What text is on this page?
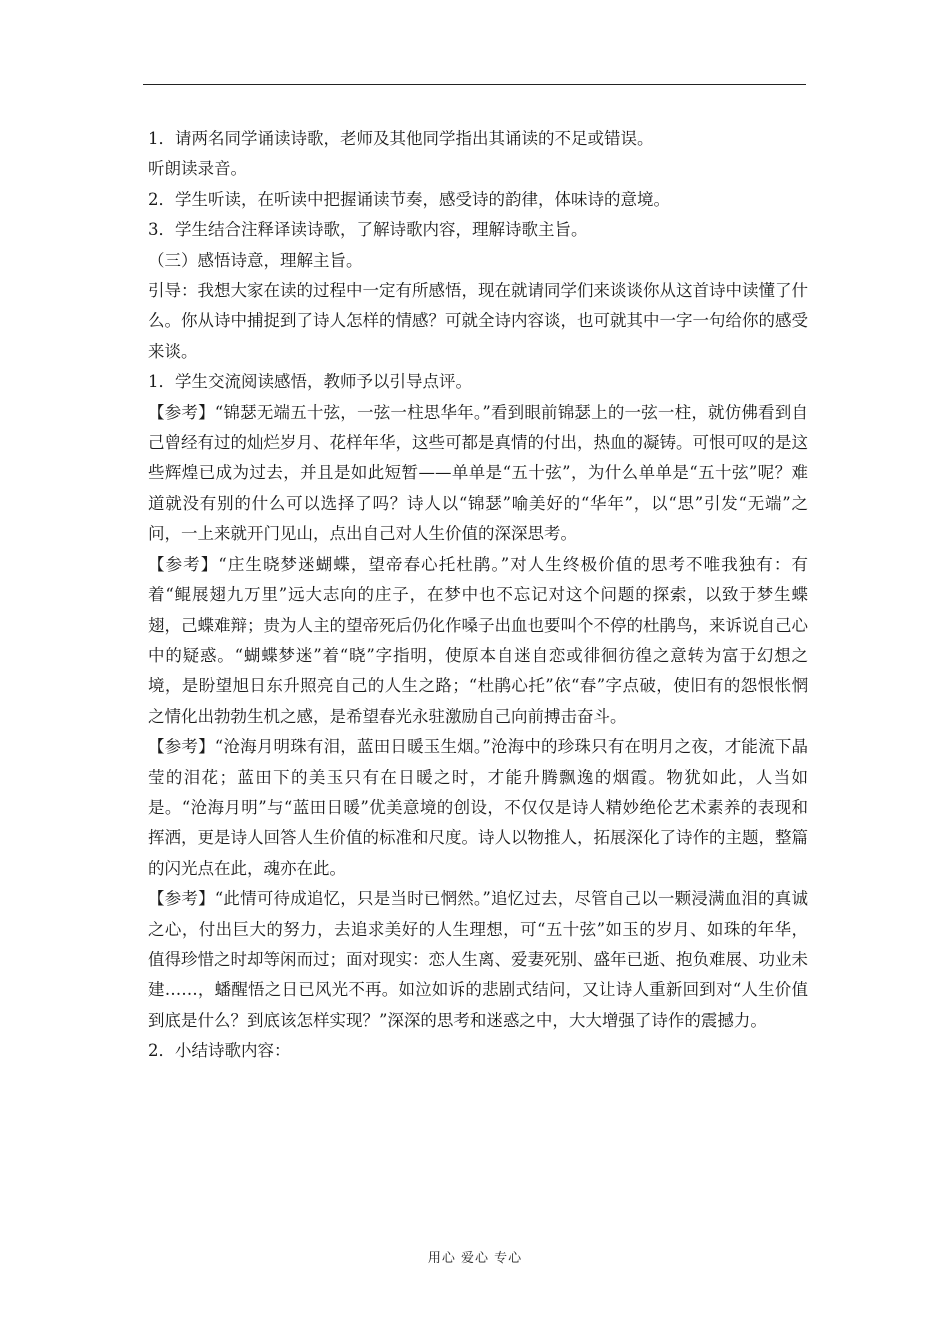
1．请两名同学诵读诗歌，老师及其他同学指出其诵读的不足或错误。

听朗读录音。

2．学生听读，在听读中把握诵读节奏，感受诗的韵律，体味诗的意境。

3．学生结合注释译读诗歌，了解诗歌内容，理解诗歌主旨。

（三）感悟诗意，理解主旨。

引导：我想大家在读的过程中一定有所感悟，现在就请同学们来谈谈你从这首诗中读懂了什么。你从诗中捕捉到了诗人怎样的情感？可就全诗内容谈，也可就其中一字一句给你的感受来谈。

1．学生交流阅读感悟，教师予以引导点评。

【参考】“锦瑟无端五十弦，一弦一柱思华年。”看到眼前锦瑟上的一弦一柱，就仿佛看到自己曾经有过的灿烂岁月、花样年华，这些可都是真情的付出，热血的凝铸。可恨可叹的是这些辉煌已成为过去，并且是如此短暂——单单是“五十弦”，为什么单单是“五十弦”呢？难道就没有别的什么可以选择了吗？诗人以“锦瑟”喻美好的“华年”，以“思”引发“无端”之问，一上来就开门见山，点出自己对人生价值的深深思考。

【参考】“庄生晓梦迷蝴蝶，望帝春心托杜鹃。”对人生终极价值的思考不唯我独有：有着“鲲展翅九万里”远大志向的庄子，在梦中也不忘记对这个问题的探索，以致于梦生蝶翅，己蝶难辩；贵为人主的望帝死后仍化作嗓子出血也要叫个不停的杜鹃鸟，来诉说自己心中的疑惑。“蝴蝶梦迷”着“晓”字指明，使原本自迷自恋或徘徊彷徨之意转为富于幻想之境，是盼望旭日东升照亮自己的人生之路；“杜鹃心托”依“春”字点破，使旧有的怨恨怅惘之情化出勃勃生机之感，是希望春光永驻激励自己向前搏击奋斗。

【参考】“沧海月明珠有泪，蓝田日暖玉生烟。”沧海中的珍珠只有在明月之夜，才能流下晶莹的泪花；蓝田下的美玉只有在日暖之时，才能升腾飘逸的烟霞。物犹如此，人当如是。“沧海月明”与“蓝田日暖”优美意境的创设，不仅仅是诗人精妙绝伦艺术素养的表现和挥洒，更是诗人回答人生价值的标准和尺度。诗人以物推人，拓展深化了诗作的主题，整篇的闪光点在此，魂亦在此。

【参考】“此情可待成追忆，只是当时已惘然。”追忆过去，尽管自己以一颗浸满血泪的真诚之心，付出巨大的努力，去追求美好的人生理想，可“五十弦”如玉的岁月、如珠的年华，值得珍惜之时却等闲而过；面对现实：恋人生离、爱妻死别、盛年已逝、抱负难展、功业未建……，蟠醒悟之日已风光不再。如泣如诉的悲剧式结问，又让诗人重新回到对“人生价值到底是什么？到底该怎样实现？”深深的思考和迷惑之中，大大增强了诗作的震撼力。

2．小结诗歌内容：

用心 爱心 专心
